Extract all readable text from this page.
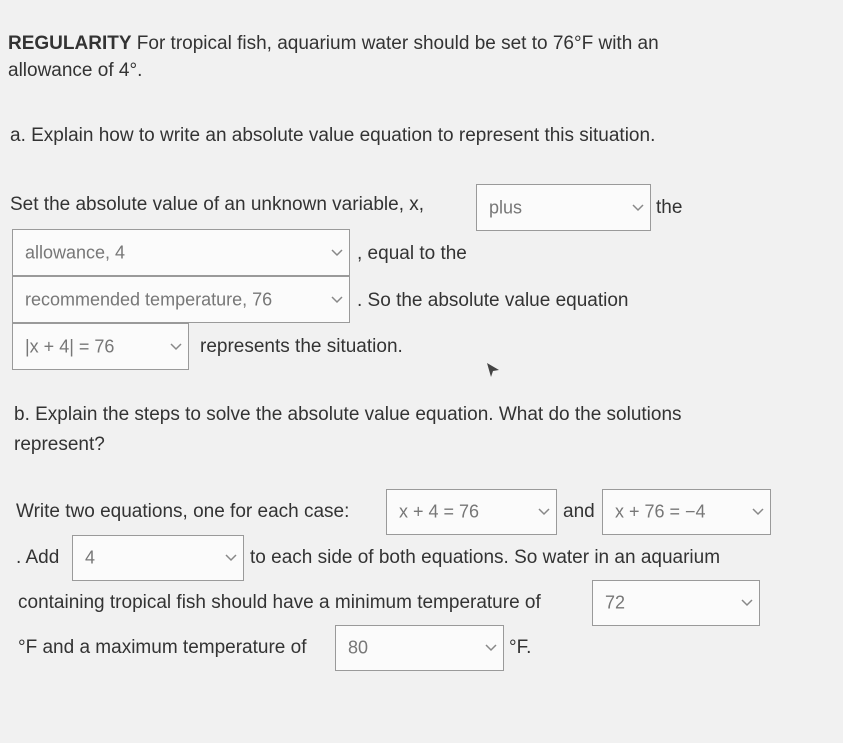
REGULARITY For tropical fish, aquarium water should be set to 76°F with an
allowance of 4°.
a. Explain how to write an absolute value equation to represent this situation.
Set the absolute value of an unknown variable, x,	plus	the
allowance, 4	, equal to the
recommended temperature, 76	. So the absolute value equation
|x + 4| = 76	represents the situation.
b. Explain the steps to solve the absolute value equation. What do the solutions
represent?
Write two equations, one for each case:	x + 4 = 76	and x + 76 = −4
. Add 4	to each side of both equations. So water in an aquarium
containing tropical fish should have a minimum temperature of	72
°F and a maximum temperature of 80	°F.
